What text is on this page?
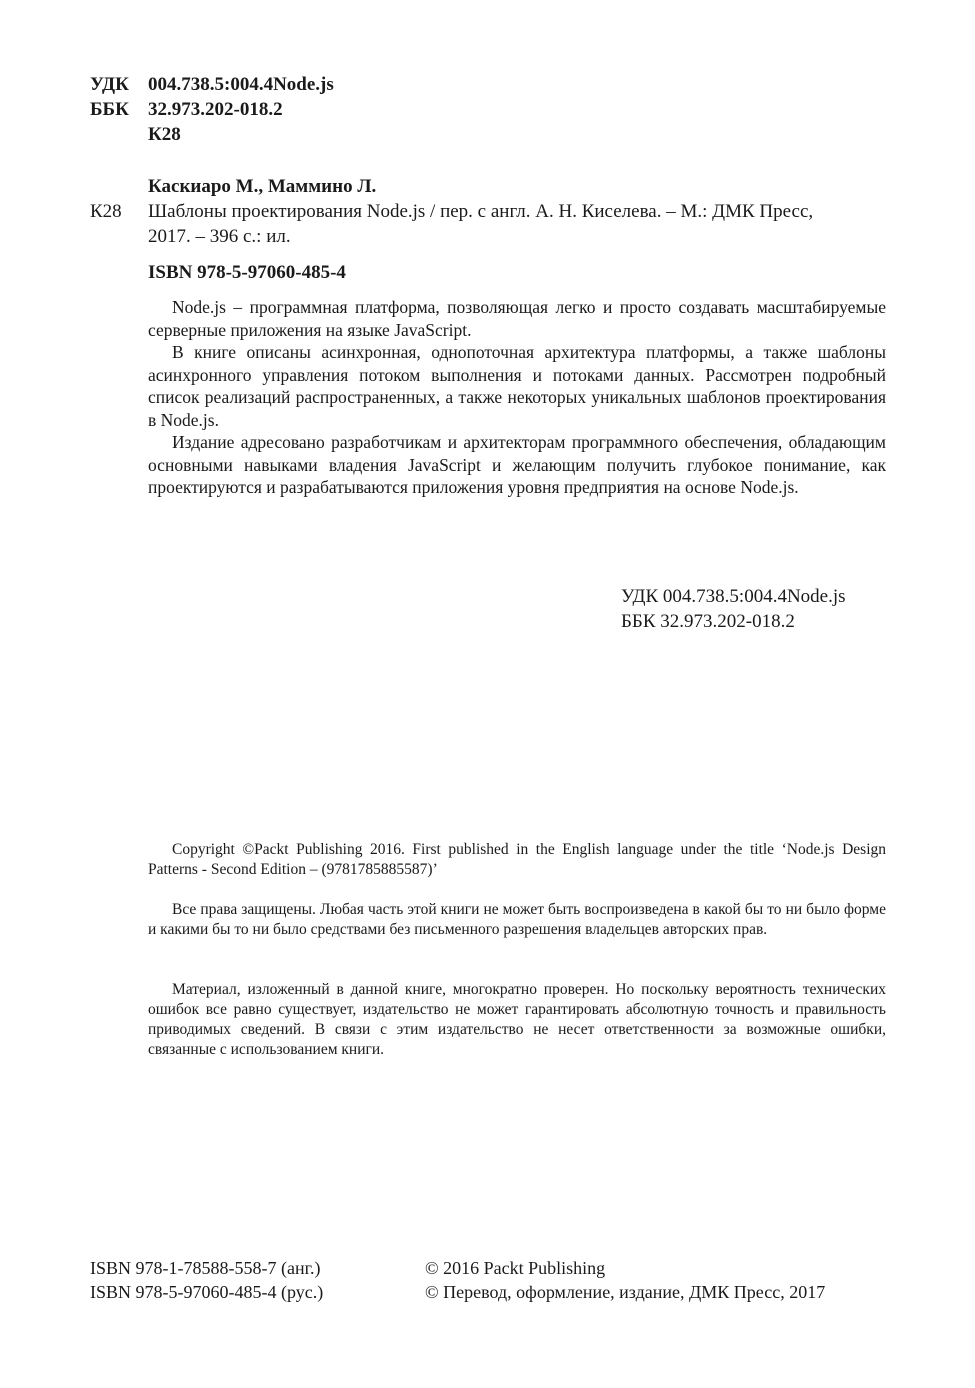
УДК 004.738.5:004.4Node.js
ББК 32.973.202-018.2
К28
Каскиаро М., Маммино Л.
К28 Шаблоны проектирования Node.js / пер. с англ. А. Н. Киселева. – М.: ДМК Пресс,
2017. – 396 с.: ил.
ISBN 978-5-97060-485-4

Node.js – программная платформа, позволяющая легко и просто создавать масштабируемые серверные приложения на языке JavaScript.

В книге описаны асинхронная, однопоточная архитектура платформы, а также шаблоны асинхронного управления потоком выполнения и потоками данных. Рассмотрен подробный список реализаций распространенных, а также некоторых уникальных шаблонов проектирования в Node.js.

Издание адресовано разработчикам и архитекторам программного обеспечения, обладающим основными навыками владения JavaScript и желающим получить глубокое понимание, как проектируются и разрабатываются приложения уровня предприятия на основе Node.js.

УДК 004.738.5:004.4Node.js
ББК 32.973.202-018.2

Copyright ©Packt Publishing 2016. First published in the English language under the title ‘Node.js Design Patterns - Second Edition – (9781785885587)’

Все права защищены. Любая часть этой книги не может быть воспроизведена в какой бы то ни было форме и какими бы то ни было средствами без письменного разрешения владельцев авторских прав.

Материал, изложенный в данной книге, многократно проверен. Но поскольку вероятность технических ошибок все равно существует, издательство не может гарантировать абсолютную точность и правильность приводимых сведений. В связи с этим издательство не несет ответственности за возможные ошибки, связанные с использованием книги.

ISBN 978-1-78588-558-7 (анг.)
ISBN 978-5-97060-485-4 (рус.)
© 2016 Packt Publishing
© Перевод, оформление, издание, ДМК Пресс, 2017
